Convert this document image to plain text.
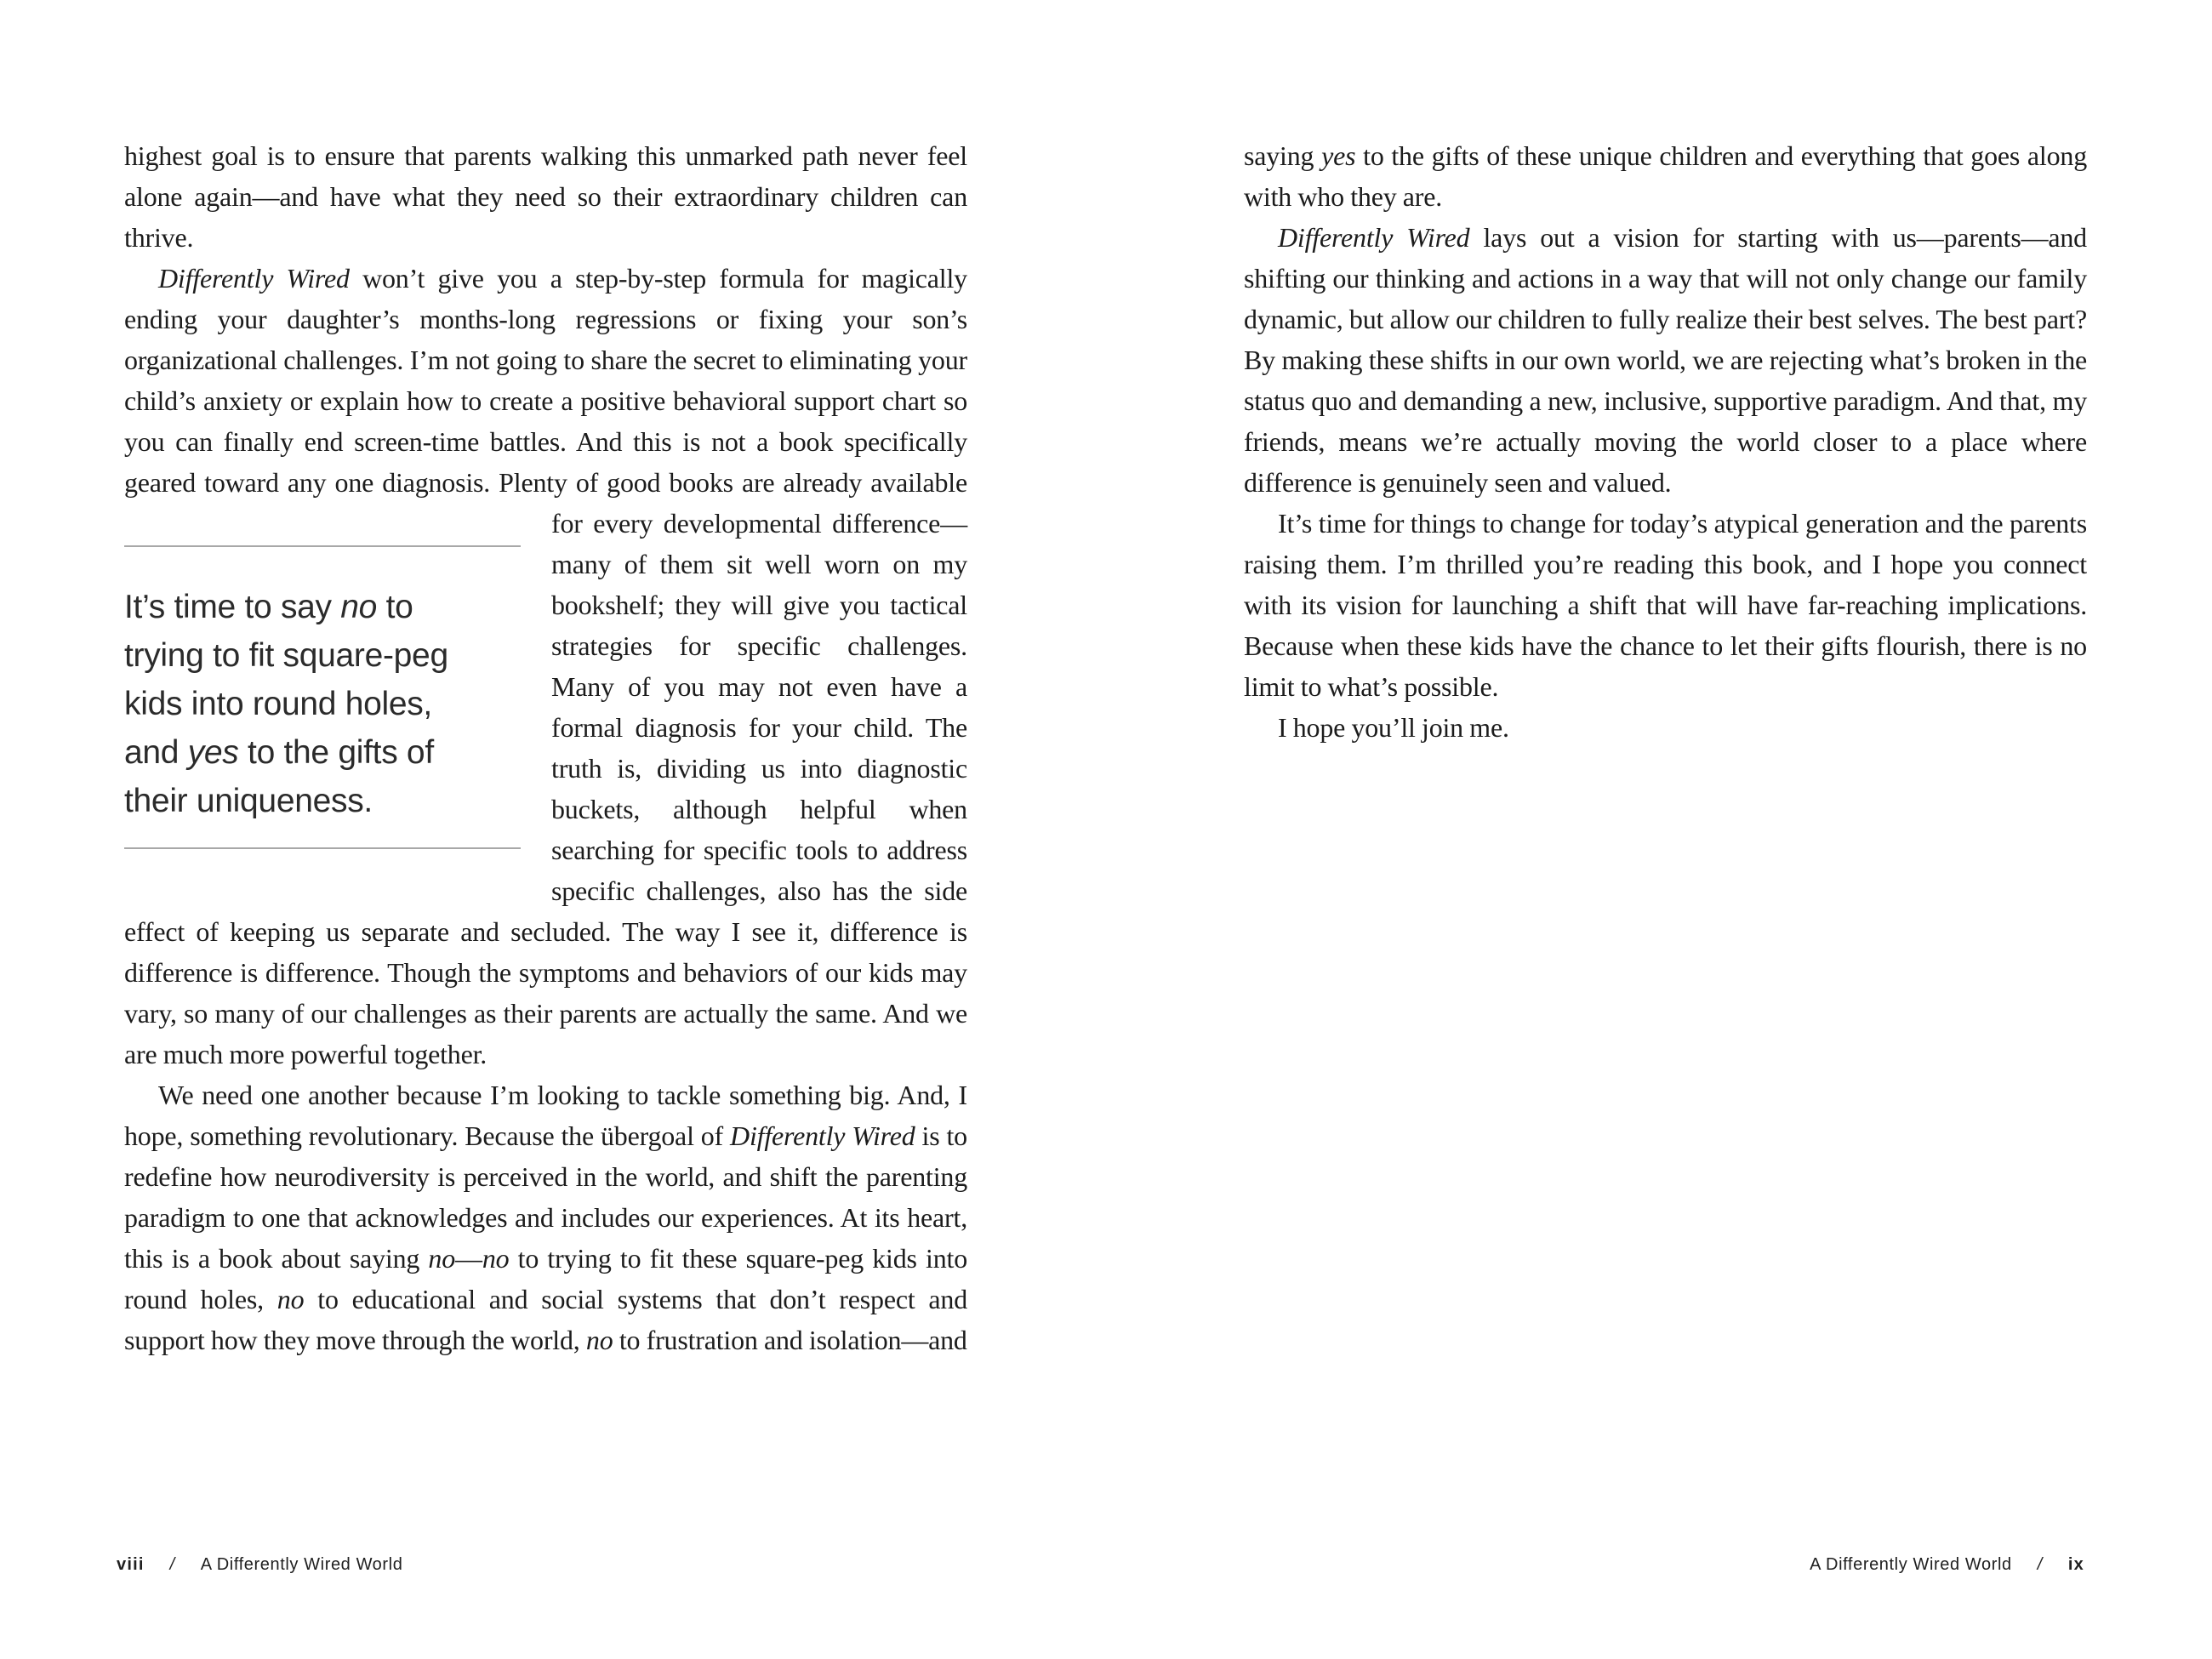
highest goal is to ensure that parents walking this unmarked path never feel alone again—and have what they need so their extraordinary children can thrive.

Differently Wired won’t give you a step-by-step formula for magically ending your daughter’s months-long regressions or fixing your son’s organizational challenges. I’m not going to share the secret to eliminating your child’s anxiety or explain how to create a positive behavioral support chart so you can finally end screen-time battles. And this is not a book specifically geared toward any one diagnosis. Plenty of good books are already available for every developmental
It’s time to say no to
trying to fit square-peg
kids into round holes,
and yes to the gifts of
their uniqueness.
difference—many of them sit well worn on my bookshelf; they will give you tactical strategies for specific challenges. Many of you may not even have a formal diagnosis for your child. The truth is, dividing us into diagnostic buckets, although helpful when searching for specific tools to address specific challenges, also has the side effect of keeping us separate and secluded. The way I see it, difference is difference is difference. Though the symptoms and behaviors of our kids may vary, so many of our challenges as their parents are actually the same. And we are much more powerful together.

We need one another because I’m looking to tackle something big. And, I hope, something revolutionary. Because the übergoal of Differently Wired is to redefine how neurodiversity is perceived in the world, and shift the parenting paradigm to one that acknowledges and includes our experiences. At its heart, this is a book about saying no—no to trying to fit these square-peg kids into round holes, no to educational and social systems that don’t respect and support how they move through the world, no to frustration and isolation—and

viii / A Differently Wired World

saying yes to the gifts of these unique children and everything that goes along with who they are.

Differently Wired lays out a vision for starting with us—parents—and shifting our thinking and actions in a way that will not only change our family dynamic, but allow our children to fully realize their best selves. The best part? By making these shifts in our own world, we are rejecting what’s broken in the status quo and demanding a new, inclusive, supportive paradigm. And that, my friends, means we’re actually moving the world closer to a place where difference is genuinely seen and valued.

It’s time for things to change for today’s atypical generation and the parents raising them. I’m thrilled you’re reading this book, and I hope you connect with its vision for launching a shift that will have far-reaching implications. Because when these kids have the chance to let their gifts flourish, there is no limit to what’s possible.

I hope you’ll join me.

A Differently Wired World / ix
